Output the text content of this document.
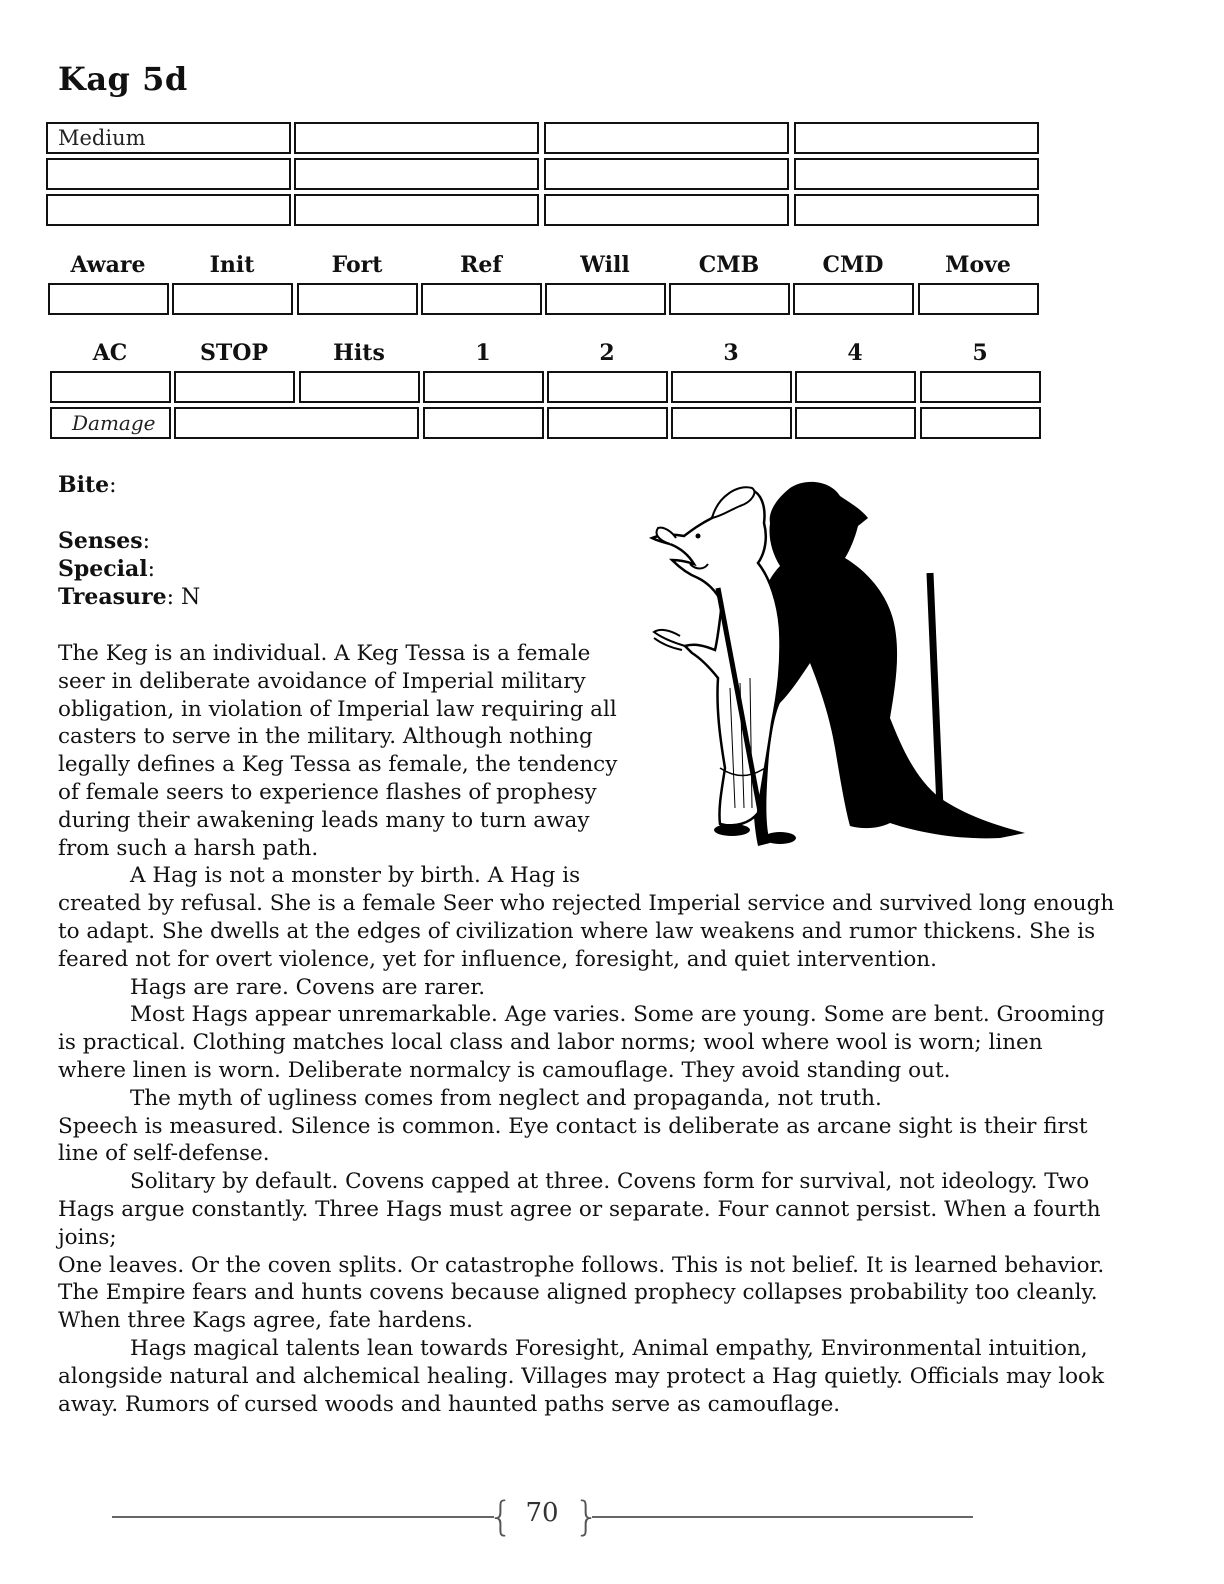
Kag 5d
Medium
Aware	Init	Fort	Ref	Will	CMB	CMD	Move
AC	STOP	Hits	1	2	3	4	5
Damage
Bite:
Senses:
Special:
Treasure: N
The Keg is an individual. A Keg Tessa is a female
seer in deliberate avoidance of Imperial military
obligation, in violation of Imperial law requiring all
casters to serve in the military. Although nothing
legally defines a Keg Tessa as female, the tendency
of female seers to experience flashes of prophesy
during their awakening leads many to turn away
from such a harsh path.
A Hag is not a monster by birth. A Hag is
created by refusal. She is a female Seer who rejected Imperial service and survived long enough
to adapt. She dwells at the edges of civilization where law weakens and rumor thickens. She is
feared not for overt violence, yet for influence, foresight, and quiet intervention.
Hags are rare. Covens are rarer.
Most Hags appear unremarkable. Age varies. Some are young. Some are bent. Grooming
is practical. Clothing matches local class and labor norms; wool where wool is worn; linen
where linen is worn. Deliberate normalcy is camouflage. They avoid standing out.
The myth of ugliness comes from neglect and propaganda, not truth.
Speech is measured. Silence is common. Eye contact is deliberate as arcane sight is their first
line of self-defense.
Solitary by default. Covens capped at three. Covens form for survival, not ideology. Two
Hags argue constantly. Three Hags must agree or separate. Four cannot persist. When a fourth
joins;
One leaves. Or the coven splits. Or catastrophe follows. This is not belief. It is learned behavior.
The Empire fears and hunts covens because aligned prophecy collapses probability too cleanly.
When three Kags agree, fate hardens.
Hags magical talents lean towards Foresight, Animal empathy, Environmental intuition,
alongside natural and alchemical healing. Villages may protect a Hag quietly. Officials may look
away. Rumors of cursed woods and haunted paths serve as camouflage.
{ }
70
